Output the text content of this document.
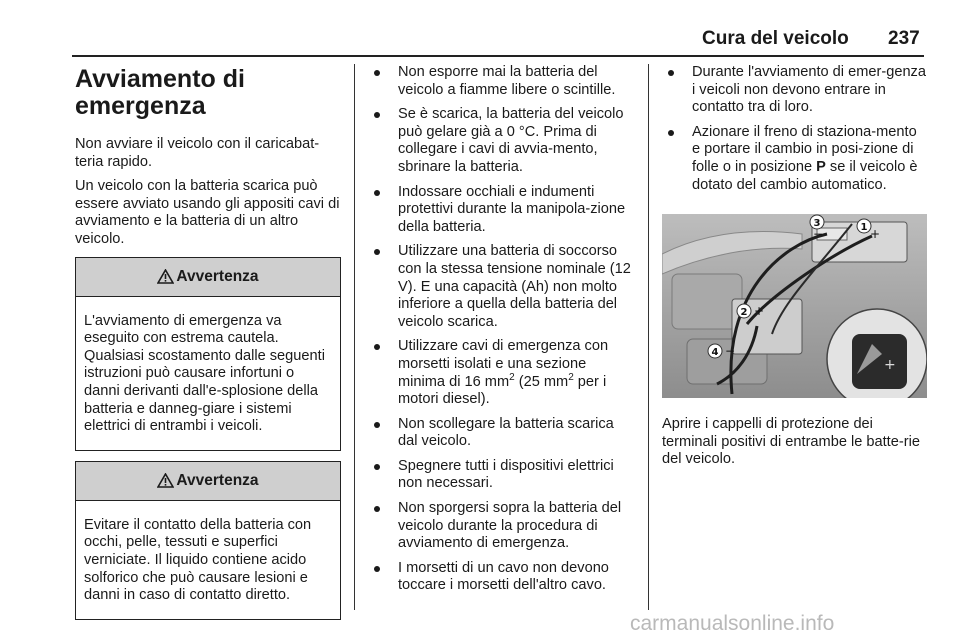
Cura del veicolo 237
Avviamento di emergenza

Non avviare il veicolo con il caricabat-teria rapido.

Un veicolo con la batteria scarica può essere avviato usando gli appositi cavi di avviamento e la batteria di un altro veicolo.

Avvertenza
L'avviamento di emergenza va eseguito con estrema cautela. Qualsiasi scostamento dalle seguenti istruzioni può causare infortuni o danni derivanti dall'e-splosione della batteria e danneg-giare i sistemi elettrici di entrambi i veicoli.
Avvertenza
Evitare il contatto della batteria con occhi, pelle, tessuti e superfici verniciate. Il liquido contiene acido solforico che può causare lesioni e danni in caso di contatto diretto.
Non esporre mai la batteria del veicolo a fiamme libere o scintille.
Se è scarica, la batteria del veicolo può gelare già a 0 °C. Prima di collegare i cavi di avvia-mento, sbrinare la batteria.
Indossare occhiali e indumenti protettivi durante la manipola-zione della batteria.
Utilizzare una batteria di soccorso con la stessa tensione nominale (12 V). E una capacità (Ah) non molto inferiore a quella della batteria del veicolo scarica.
Utilizzare cavi di emergenza con morsetti isolati e una sezione minima di 16 $mm^2$ (25 $mm^2$ per i motori diesel).
Non scollegare la batteria scarica dal veicolo.
Spegnere tutti i dispositivi elettrici non necessari.
Non sporgersi sopra la batteria del veicolo durante la procedura di avviamento di emergenza.
I morsetti di un cavo non devono toccare i morsetti dell'altro cavo.
Durante l'avviamento di emer-genza i veicoli non devono entrare in contatto tra di loro.
Azionare il freno di staziona-mento e portare il cambio in posi-zione di folle o in posizione P se il veicolo è dotato del cambio automatico.
+
3
−	1 +
2 +
4 −

Aprire i cappelli di protezione dei terminali positivi di entrambe le batte-rie del veicolo.

carmanualsonline.info
